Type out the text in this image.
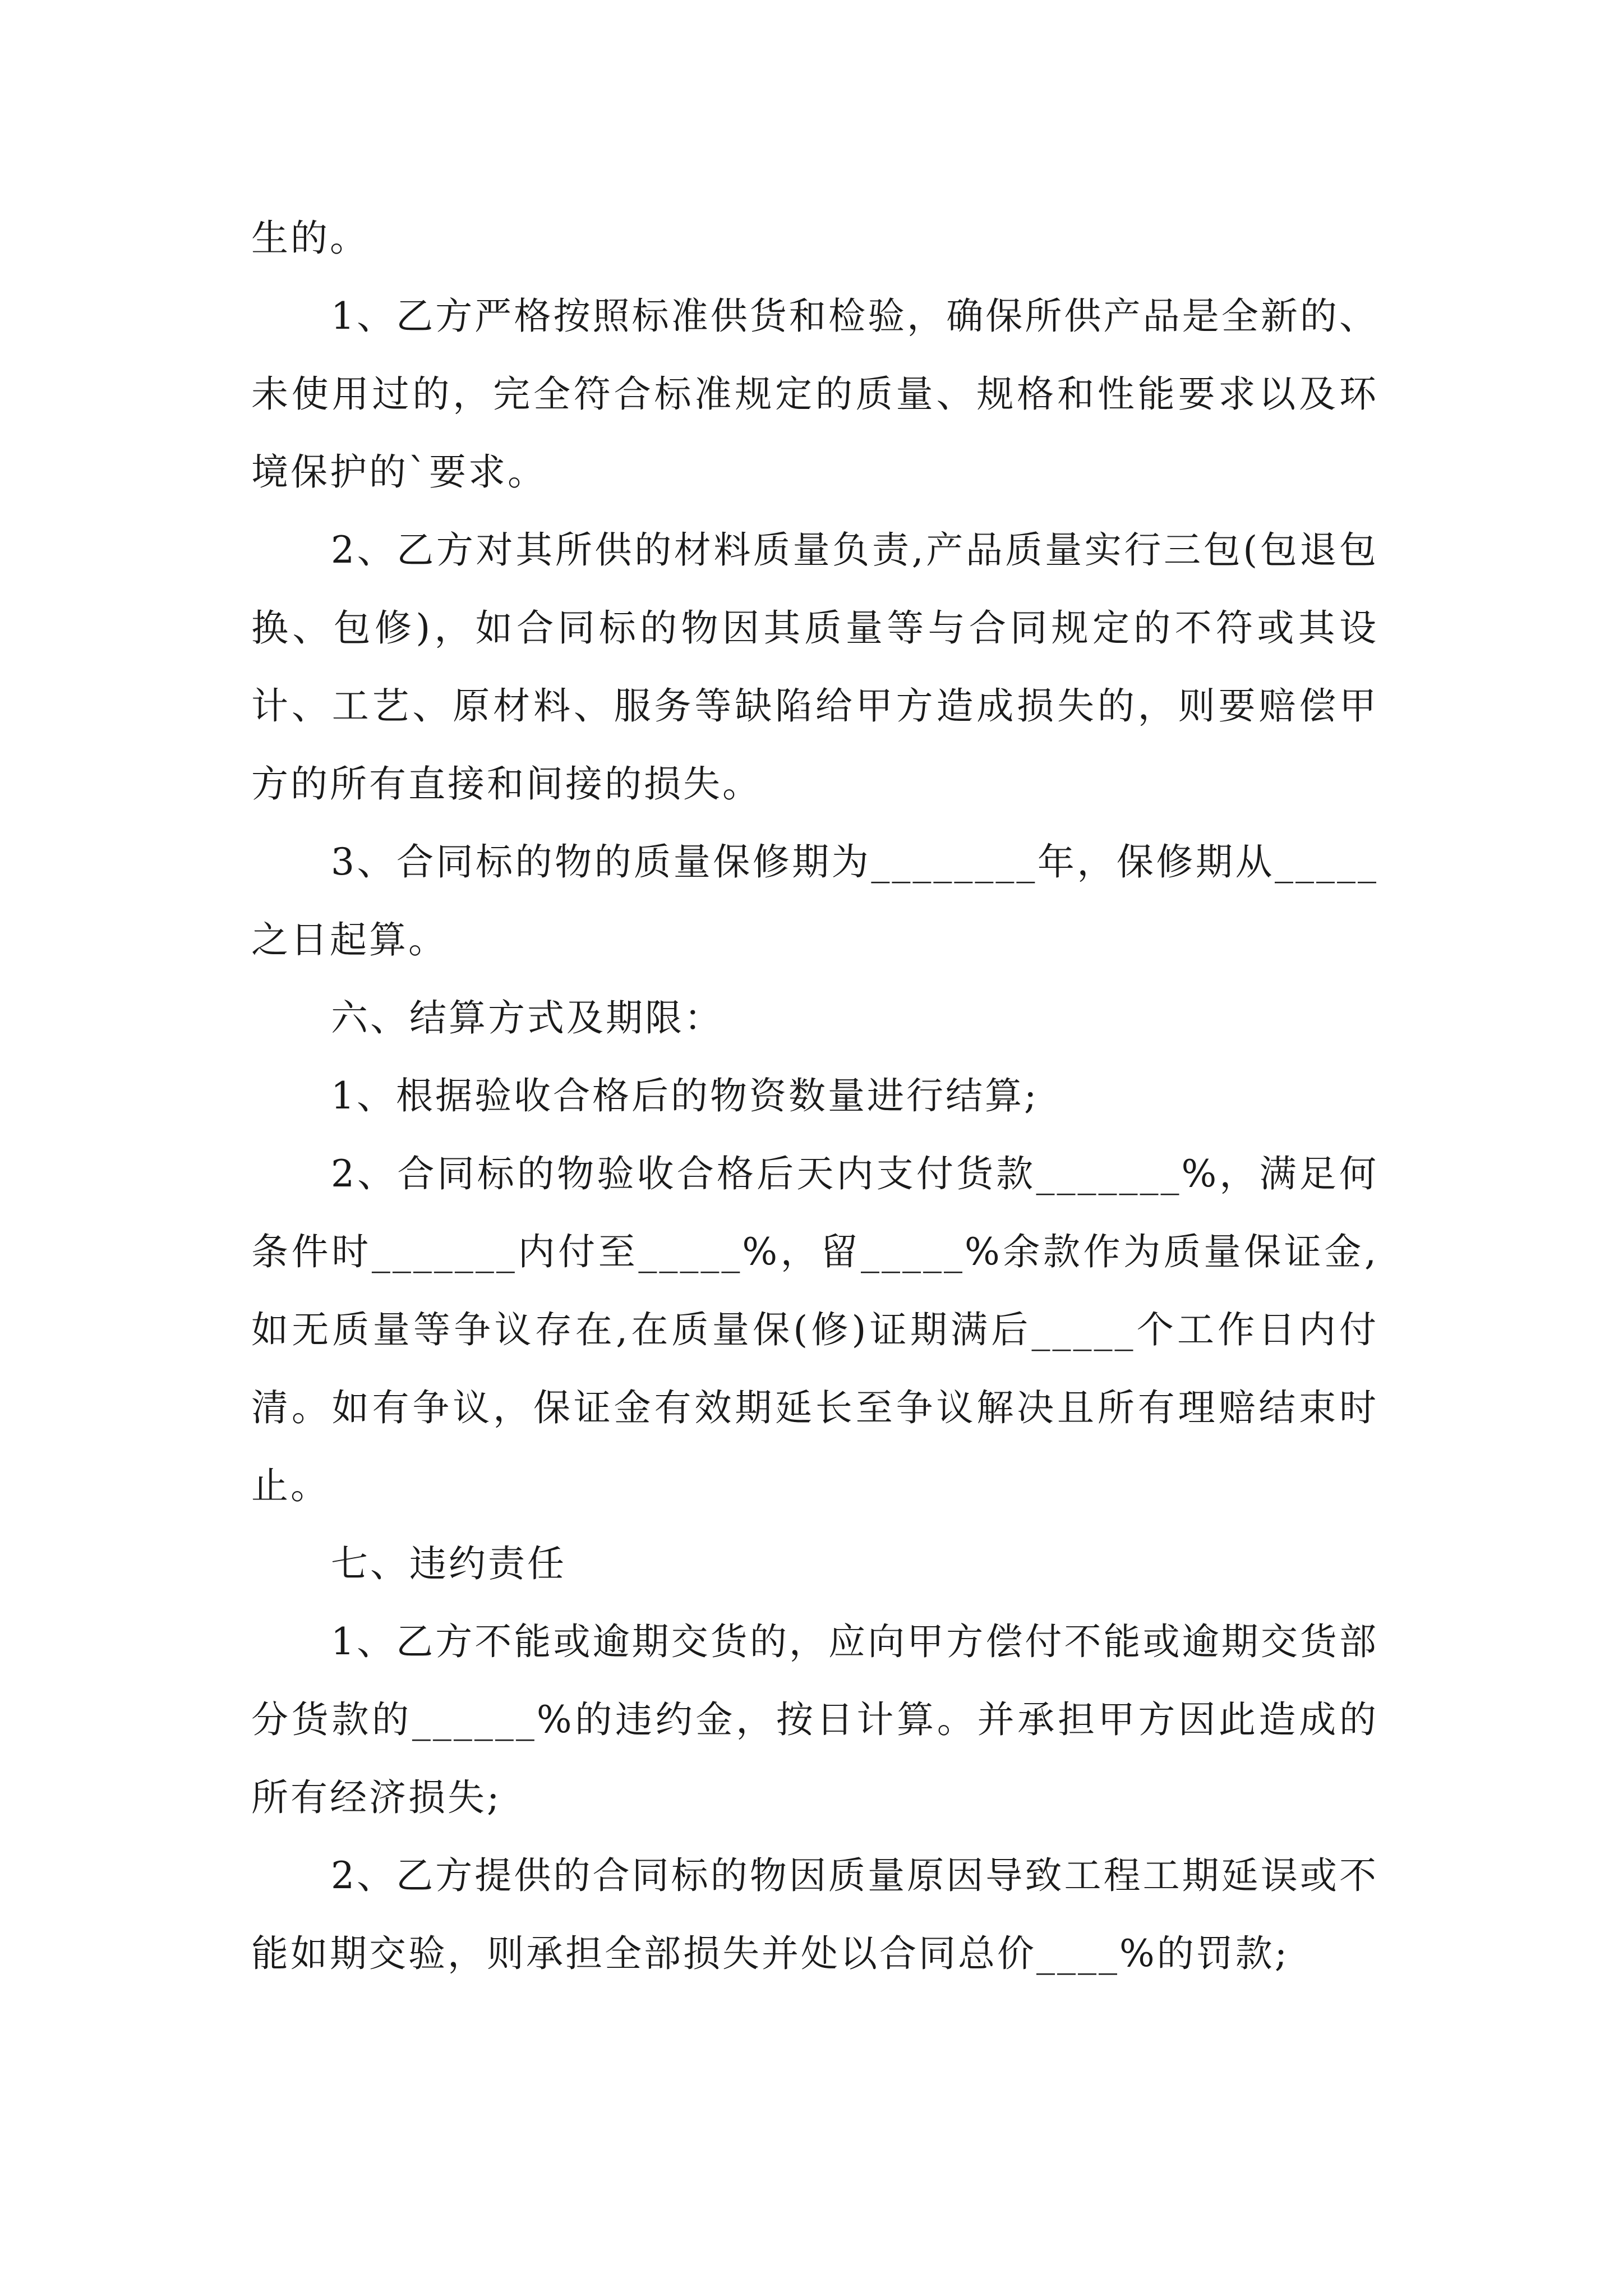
生的。

1、乙方严格按照标准供货和检验，确保所供产品是全新的、未使用过的，完全符合标准规定的质量、规格和性能要求以及环境保护的`要求。

2、乙方对其所供的材料质量负责,产品质量实行三包(包退包换、包修)，如合同标的物因其质量等与合同规定的不符或其设计、工艺、原材料、服务等缺陷给甲方造成损失的，则要赔偿甲方的所有直接和间接的损失。

3、合同标的物的质量保修期为________年，保修期从_____之日起算。

六、结算方式及期限：

1、根据验收合格后的物资数量进行结算;

2、合同标的物验收合格后天内支付货款_______%，满足何条件时_______内付至_____%，留_____%余款作为质量保证金,如无质量等争议存在,在质量保(修)证期满后_____个工作日内付清。如有争议，保证金有效期延长至争议解决且所有理赔结束时止。

七、违约责任

1、乙方不能或逾期交货的，应向甲方偿付不能或逾期交货部分货款的______%的违约金，按日计算。并承担甲方因此造成的所有经济损失;

2、乙方提供的合同标的物因质量原因导致工程工期延误或不能如期交验，则承担全部损失并处以合同总价____%的罚款;
